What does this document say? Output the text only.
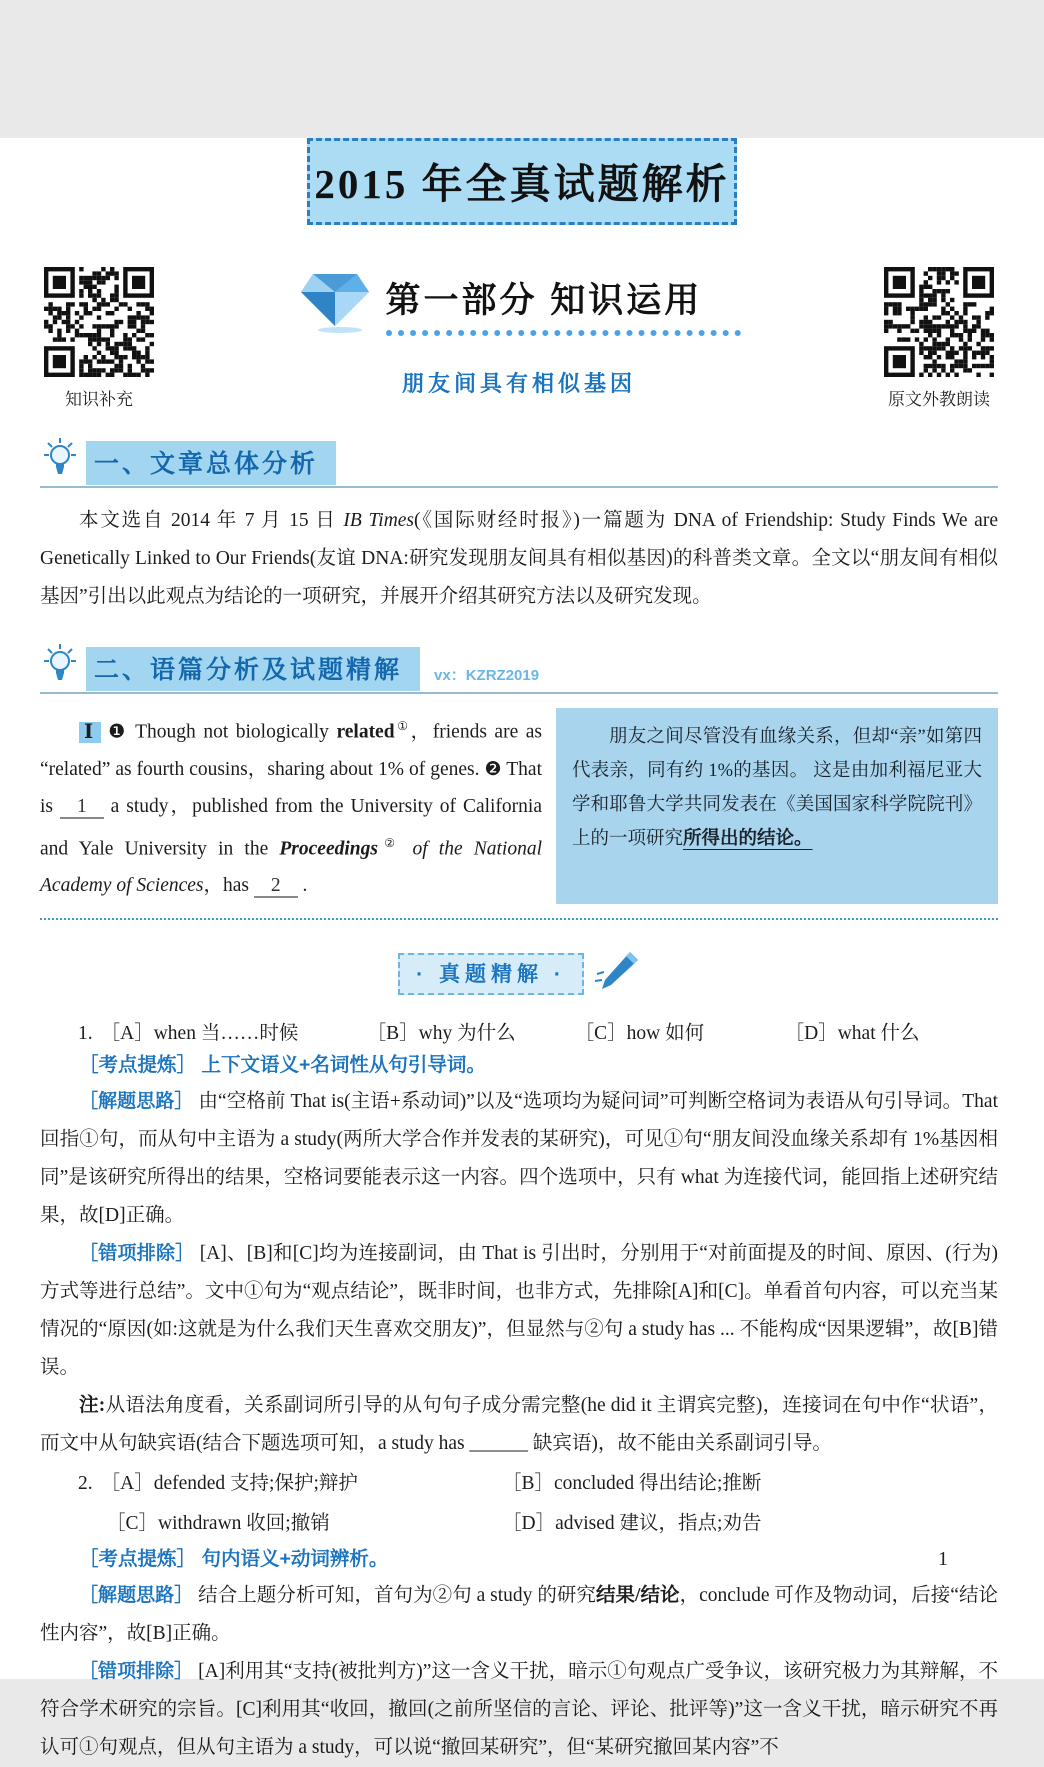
2015 年全真试题解析
知识补充
第一部分 知识运用
朋友间具有相似基因
原文外教朗读
一、文章总体分析

本文选自 2014 年 7 月 15 日 IB Times(《国际财经时报》)一篇题为 DNA of Friendship: Study Finds We are Genetically Linked to Our Friends(友谊 DNA:研究发现朋友间具有相似基因)的科普类文章。全文以“朋友间有相似基因”引出以此观点为结论的一项研究，并展开介绍其研究方法以及研究发现。

二、语篇分析及试题精解	vx：KZRZ2019
Ⅰ ❶ Though not biologically related①，friends are as “related” as fourth cousins，sharing about 1% of genes. ❷ That is 1 a study，published from the University of California and Yale University in the Proceedings② of the National Academy of Sciences，has 2 .
朋友之间尽管没有血缘关系，但却“亲”如第四代表亲，同有约 1%的基因。 这是由加利福尼亚大学和耶鲁大学共同发表在《美国国家科学院院刊》上的一项研究所得出的结论。
· 真题精解 ·
1. ［A］when 当……时候	［B］why 为什么	［C］how 如何	［D］what 什么

［考点提炼］ 上下文语义+名词性从句引导词。

［解题思路］ 由“空格前 That is(主语+系动词)”以及“选项均为疑问词”可判断空格词为表语从句引导词。That 回指①句，而从句中主语为 a study(两所大学合作并发表的某研究)，可见①句“朋友间没血缘关系却有 1%基因相同”是该研究所得出的结果，空格词要能表示这一内容。四个选项中，只有 what 为连接代词，能回指上述研究结果，故[D]正确。

［错项排除］ [A]、[B]和[C]均为连接副词，由 That is 引出时，分别用于“对前面提及的时间、原因、(行为)方式等进行总结”。文中①句为“观点结论”，既非时间，也非方式，先排除[A]和[C]。单看首句内容，可以充当某情况的“原因(如:这就是为什么我们天生喜欢交朋友)”，但显然与②句 a study has ... 不能构成“因果逻辑”，故[B]错误。

注:从语法角度看，关系副词所引导的从句句子成分需完整(he did it 主谓宾完整)，连接词在句中作“状语”，而文中从句缺宾语(结合下题选项可知，a study has ______ 缺宾语)，故不能由关系副词引导。

2. ［A］defended 支持;保护;辩护	［B］concluded 得出结论;推断
［C］withdrawn 收回;撤销	［D］advised 建议，指点;劝告

［考点提炼］ 句内语义+动词辨析。

［解题思路］ 结合上题分析可知，首句为②句 a study 的研究结果/结论，conclude 可作及物动词，后接“结论性内容”，故[B]正确。

［错项排除］ [A]利用其“支持(被批判方)”这一含义干扰，暗示①句观点广受争议，该研究极力为其辩解，不符合学术研究的宗旨。[C]利用其“收回，撤回(之前所坚信的言论、评论、批评等)”这一含义干扰，暗示研究不再认可①句观点，但从句主语为 a study，可以说“撤回某研究”，但“某研究撤回某内容”不

1
